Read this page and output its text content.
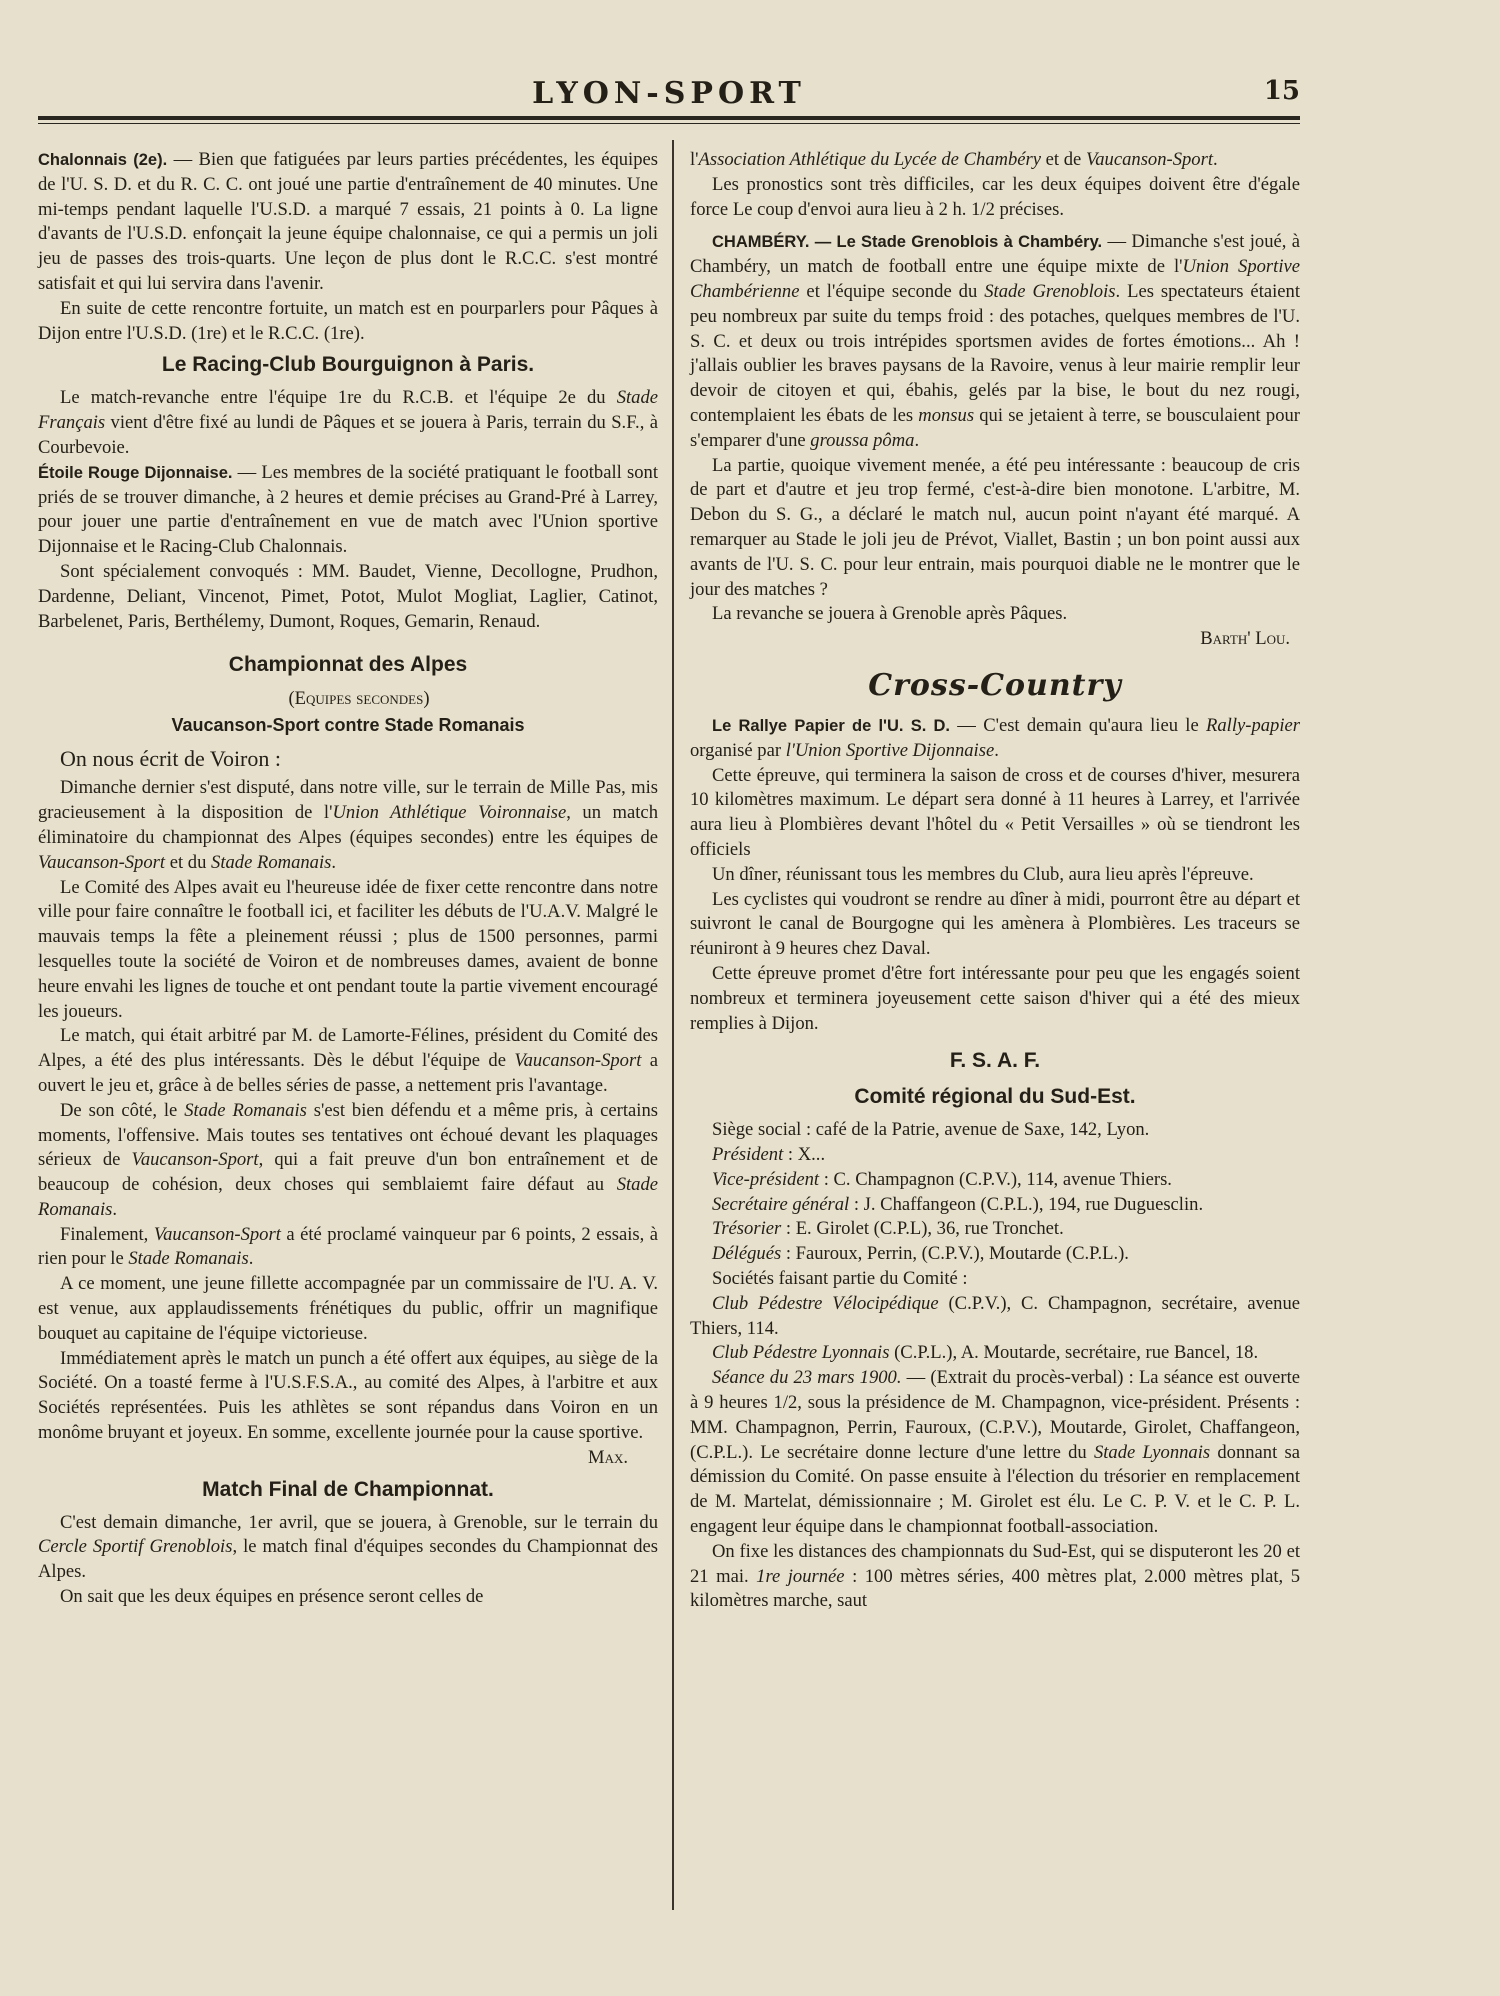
LYON-SPORT	15

Chalonnais (2e). — Bien que fatiguées par leurs parties précédentes, les équipes de l'U. S. D. et du R. C. C. ont joué une partie d'entraînement de 40 minutes. Une mi-temps pendant laquelle l'U.S.D. a marqué 7 essais, 21 points à 0. La ligne d'avants de l'U.S.D. enfonçait la jeune équipe chalonnaise, ce qui a permis un joli jeu de passes des trois-quarts. Une leçon de plus dont le R.C.C. s'est montré satisfait et qui lui servira dans l'avenir.

En suite de cette rencontre fortuite, un match est en pourparlers pour Pâques à Dijon entre l'U.S.D. (1re) et le R.C.C. (1re).

Le Racing-Club Bourguignon à Paris.

Le match-revanche entre l'équipe 1re du R.C.B. et l'équipe 2e du Stade Français vient d'être fixé au lundi de Pâques et se jouera à Paris, terrain du S.F., à Courbevoie.

Étoile Rouge Dijonnaise. — Les membres de la société pratiquant le football sont priés de se trouver dimanche, à 2 heures et demie précises au Grand-Pré à Larrey, pour jouer une partie d'entraînement en vue de match avec l'Union sportive Dijonnaise et le Racing-Club Chalonnais.

Sont spécialement convoqués : MM. Baudet, Vienne, Decollogne, Prudhon, Dardenne, Deliant, Vincenot, Pimet, Potot, Mulot Mogliat, Laglier, Catinot, Barbelenet, Paris, Berthélemy, Dumont, Roques, Gemarin, Renaud.

Championnat des Alpes

(Equipes secondes)

Vaucanson-Sport contre Stade Romanais

On nous écrit de Voiron :

Dimanche dernier s'est disputé, dans notre ville, sur le terrain de Mille Pas, mis gracieusement à la disposition de l'Union Athlétique Voironnaise, un match éliminatoire du championnat des Alpes (équipes secondes) entre les équipes de Vaucanson-Sport et du Stade Romanais.

Le Comité des Alpes avait eu l'heureuse idée de fixer cette rencontre dans notre ville pour faire connaître le football ici, et faciliter les débuts de l'U.A.V. Malgré le mauvais temps la fête a pleinement réussi ; plus de 1500 personnes, parmi lesquelles toute la société de Voiron et de nombreuses dames, avaient de bonne heure envahi les lignes de touche et ont pendant toute la partie vivement encouragé les joueurs.

Le match, qui était arbitré par M. de Lamorte-Félines, président du Comité des Alpes, a été des plus intéressants. Dès le début l'équipe de Vaucanson-Sport a ouvert le jeu et, grâce à de belles séries de passe, a nettement pris l'avantage.

De son côté, le Stade Romanais s'est bien défendu et a même pris, à certains moments, l'offensive. Mais toutes ses tentatives ont échoué devant les plaquages sérieux de Vaucanson-Sport, qui a fait preuve d'un bon entraînement et de beaucoup de cohésion, deux choses qui semblaiemt faire défaut au Stade Romanais.

Finalement, Vaucanson-Sport a été proclamé vainqueur par 6 points, 2 essais, à rien pour le Stade Romanais.

A ce moment, une jeune fillette accompagnée par un commissaire de l'U. A. V. est venue, aux applaudissements frénétiques du public, offrir un magnifique bouquet au capitaine de l'équipe victorieuse.

Immédiatement après le match un punch a été offert aux équipes, au siège de la Société. On a toasté ferme à l'U.S.F.S.A., au comité des Alpes, à l'arbitre et aux Sociétés représentées. Puis les athlètes se sont répandus dans Voiron en un monôme bruyant et joyeux. En somme, excellente journée pour la cause sportive.

Max.

Match Final de Championnat.

C'est demain dimanche, 1er avril, que se jouera, à Grenoble, sur le terrain du Cercle Sportif Grenoblois, le match final d'équipes secondes du Championnat des Alpes.

On sait que les deux équipes en présence seront celles de

l'Association Athlétique du Lycée de Chambéry et de Vaucanson-Sport.

Les pronostics sont très difficiles, car les deux équipes doivent être d'égale force Le coup d'envoi aura lieu à 2 h. 1/2 précises.

CHAMBÉRY. — Le Stade Grenoblois à Chambéry. — Dimanche s'est joué, à Chambéry, un match de football entre une équipe mixte de l'Union Sportive Chambérienne et l'équipe seconde du Stade Grenoblois. Les spectateurs étaient peu nombreux par suite du temps froid : des potaches, quelques membres de l'U. S. C. et deux ou trois intrépides sportsmen avides de fortes émotions... Ah ! j'allais oublier les braves paysans de la Ravoire, venus à leur mairie remplir leur devoir de citoyen et qui, ébahis, gelés par la bise, le bout du nez rougi, contemplaient les ébats de les monsus qui se jetaient à terre, se bousculaient pour s'emparer d'une groussa pôma.

La partie, quoique vivement menée, a été peu intéressante : beaucoup de cris de part et d'autre et jeu trop fermé, c'est-à-dire bien monotone. L'arbitre, M. Debon du S. G., a déclaré le match nul, aucun point n'ayant été marqué. A remarquer au Stade le joli jeu de Prévot, Viallet, Bastin ; un bon point aussi aux avants de l'U. S. C. pour leur entrain, mais pourquoi diable ne le montrer que le jour des matches ?

La revanche se jouera à Grenoble après Pâques.

Barth' Lou.

Cross-Country

Le Rallye Papier de l'U. S. D. — C'est demain qu'aura lieu le Rally-papier organisé par l'Union Sportive Dijonnaise.

Cette épreuve, qui terminera la saison de cross et de courses d'hiver, mesurera 10 kilomètres maximum. Le départ sera donné à 11 heures à Larrey, et l'arrivée aura lieu à Plombières devant l'hôtel du « Petit Versailles » où se tiendront les officiels

Un dîner, réunissant tous les membres du Club, aura lieu après l'épreuve.

Les cyclistes qui voudront se rendre au dîner à midi, pourront être au départ et suivront le canal de Bourgogne qui les amènera à Plombières. Les traceurs se réuniront à 9 heures chez Daval.

Cette épreuve promet d'être fort intéressante pour peu que les engagés soient nombreux et terminera joyeusement cette saison d'hiver qui a été des mieux remplies à Dijon.

F. S. A. F.
Comité régional du Sud-Est.

Siège social : café de la Patrie, avenue de Saxe, 142, Lyon.

Président : X...

Vice-président : C. Champagnon (C.P.V.), 114, avenue Thiers.

Secrétaire général : J. Chaffangeon (C.P.L.), 194, rue Duguesclin.

Trésorier : E. Girolet (C.P.L), 36, rue Tronchet.

Délégués : Fauroux, Perrin, (C.P.V.), Moutarde (C.P.L.).

Sociétés faisant partie du Comité :

Club Pédestre Vélocipédique (C.P.V.), C. Champagnon, secrétaire, avenue Thiers, 114.

Club Pédestre Lyonnais (C.P.L.), A. Moutarde, secrétaire, rue Bancel, 18.

Séance du 23 mars 1900. — (Extrait du procès-verbal) : La séance est ouverte à 9 heures 1/2, sous la présidence de M. Champagnon, vice-président. Présents : MM. Champagnon, Perrin, Fauroux, (C.P.V.), Moutarde, Girolet, Chaffangeon, (C.P.L.). Le secrétaire donne lecture d'une lettre du Stade Lyonnais donnant sa démission du Comité. On passe ensuite à l'élection du trésorier en remplacement de M. Martelat, démissionnaire ; M. Girolet est élu. Le C. P. V. et le C. P. L. engagent leur équipe dans le championnat football-association.

On fixe les distances des championnats du Sud-Est, qui se disputeront les 20 et 21 mai. 1re journée : 100 mètres séries, 400 mètres plat, 2.000 mètres plat, 5 kilomètres marche, saut
